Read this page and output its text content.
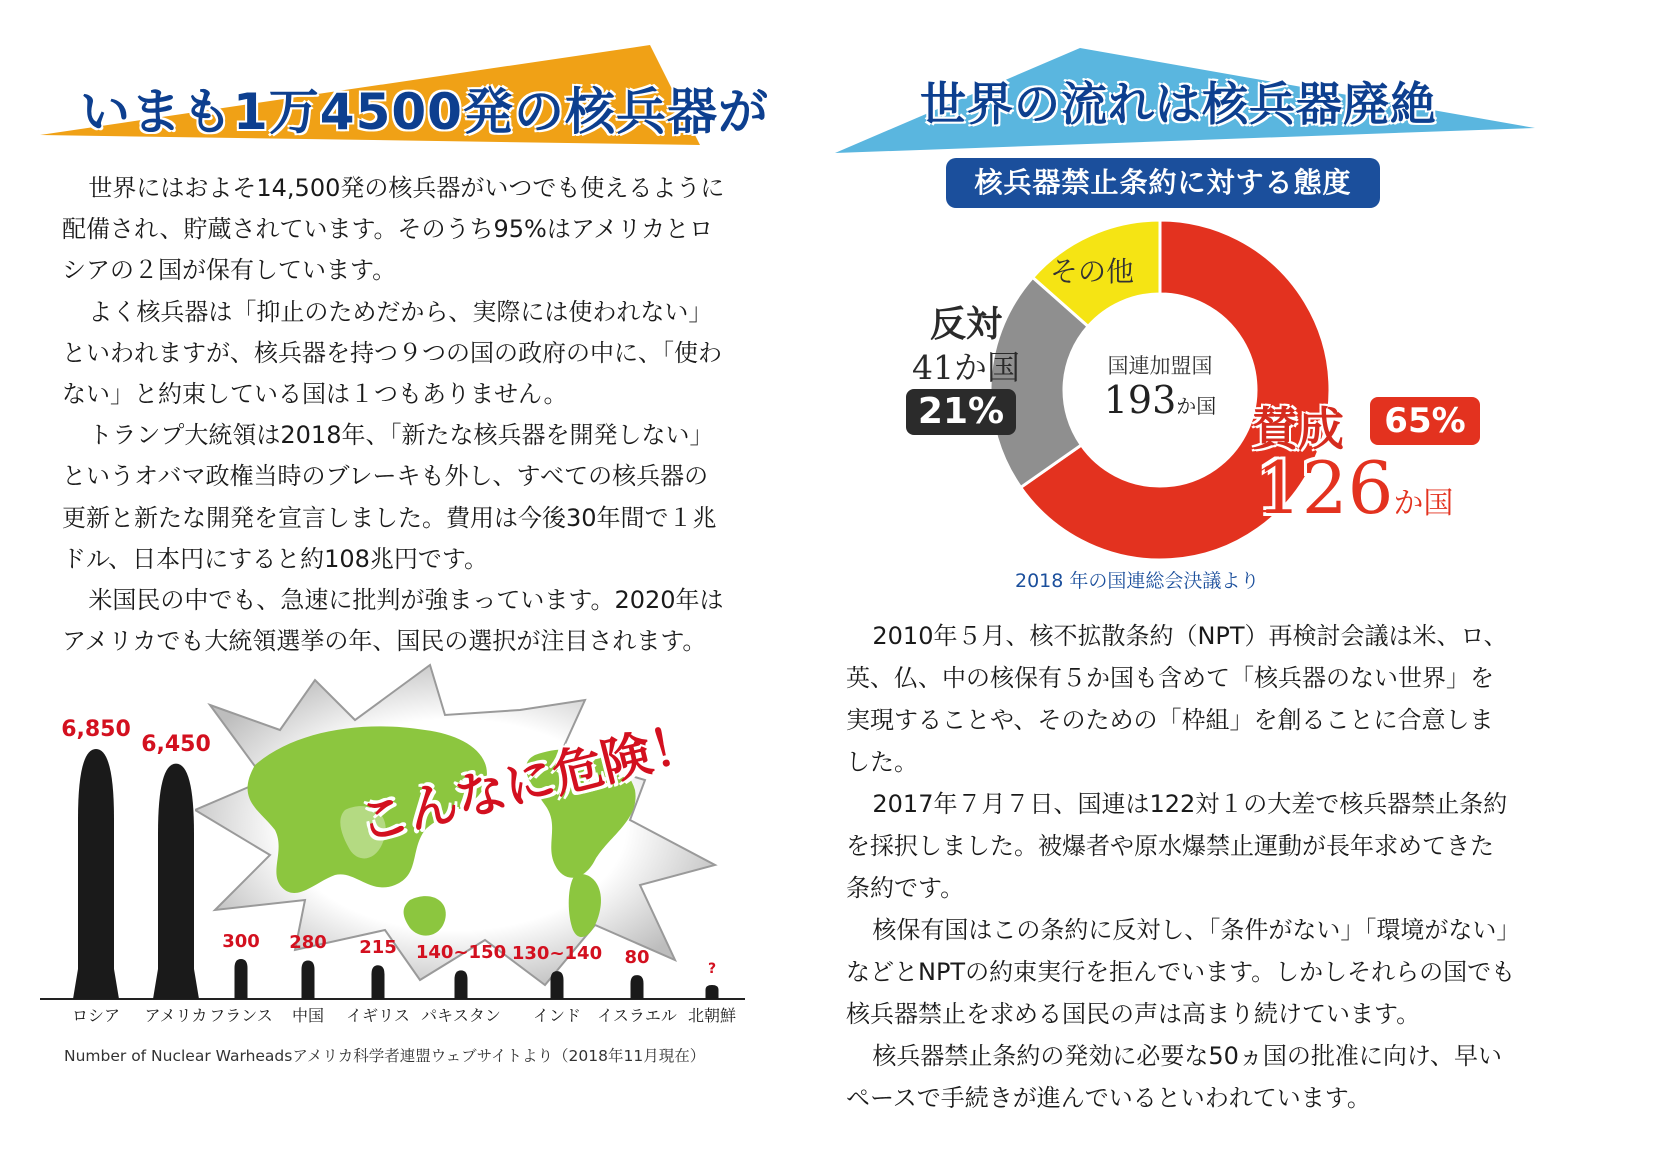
いまも1万4500発の核兵器が

世界にはおよそ14,500発の核兵器がいつでも使えるように配備され、貯蔵されています。そのうち95%はアメリカとロシアの２国が保有しています。

よく核兵器は「抑止のためだから、実際には使われない」といわれますが、核兵器を持つ９つの国の政府の中に、「使わない」と約束している国は１つもありません。

トランプ大統領は2018年、「新たな核兵器を開発しない」というオバマ政権当時のブレーキも外し、すべての核兵器の更新と新たな開発を宣言しました。費用は今後30年間で１兆ドル、日本円にすると約108兆円です。

米国民の中でも、急速に批判が強まっています。2020年はアメリカでも大統領選挙の年、国民の選択が注目されます。

こんなに危険！
6,850
6,450
300	280	215	140~150 130~140	80
?
ロシア	アメリカ フランス	中国	イギリス パキスタン	インド	イスラエル 北朝鮮
Number of Nuclear Warheadsアメリカ科学者連盟ウェブサイトより（2018年11月現在）
世界の流れは核兵器廃絶
核兵器禁止条約に対する態度
国連加盟国
193か国
その他
反対
41か国
21%	賛成	65%
126か国
2018 年の国連総会決議より

2010年５月、核不拡散条約（NPT）再検討会議は米、ロ、英、仏、中の核保有５か国も含めて「核兵器のない世界」を実現することや、そのための「枠組」を創ることに合意しました。

2017年７月７日、国連は122対１の大差で核兵器禁止条約を採択しました。被爆者や原水爆禁止運動が長年求めてきた条約です。

核保有国はこの条約に反対し、「条件がない」「環境がない」などとNPTの約束実行を拒んでいます。しかしそれらの国でも核兵器禁止を求める国民の声は高まり続けています。

核兵器禁止条約の発効に必要な50ヵ国の批准に向け、早いペースで手続きが進んでいるといわれています。
